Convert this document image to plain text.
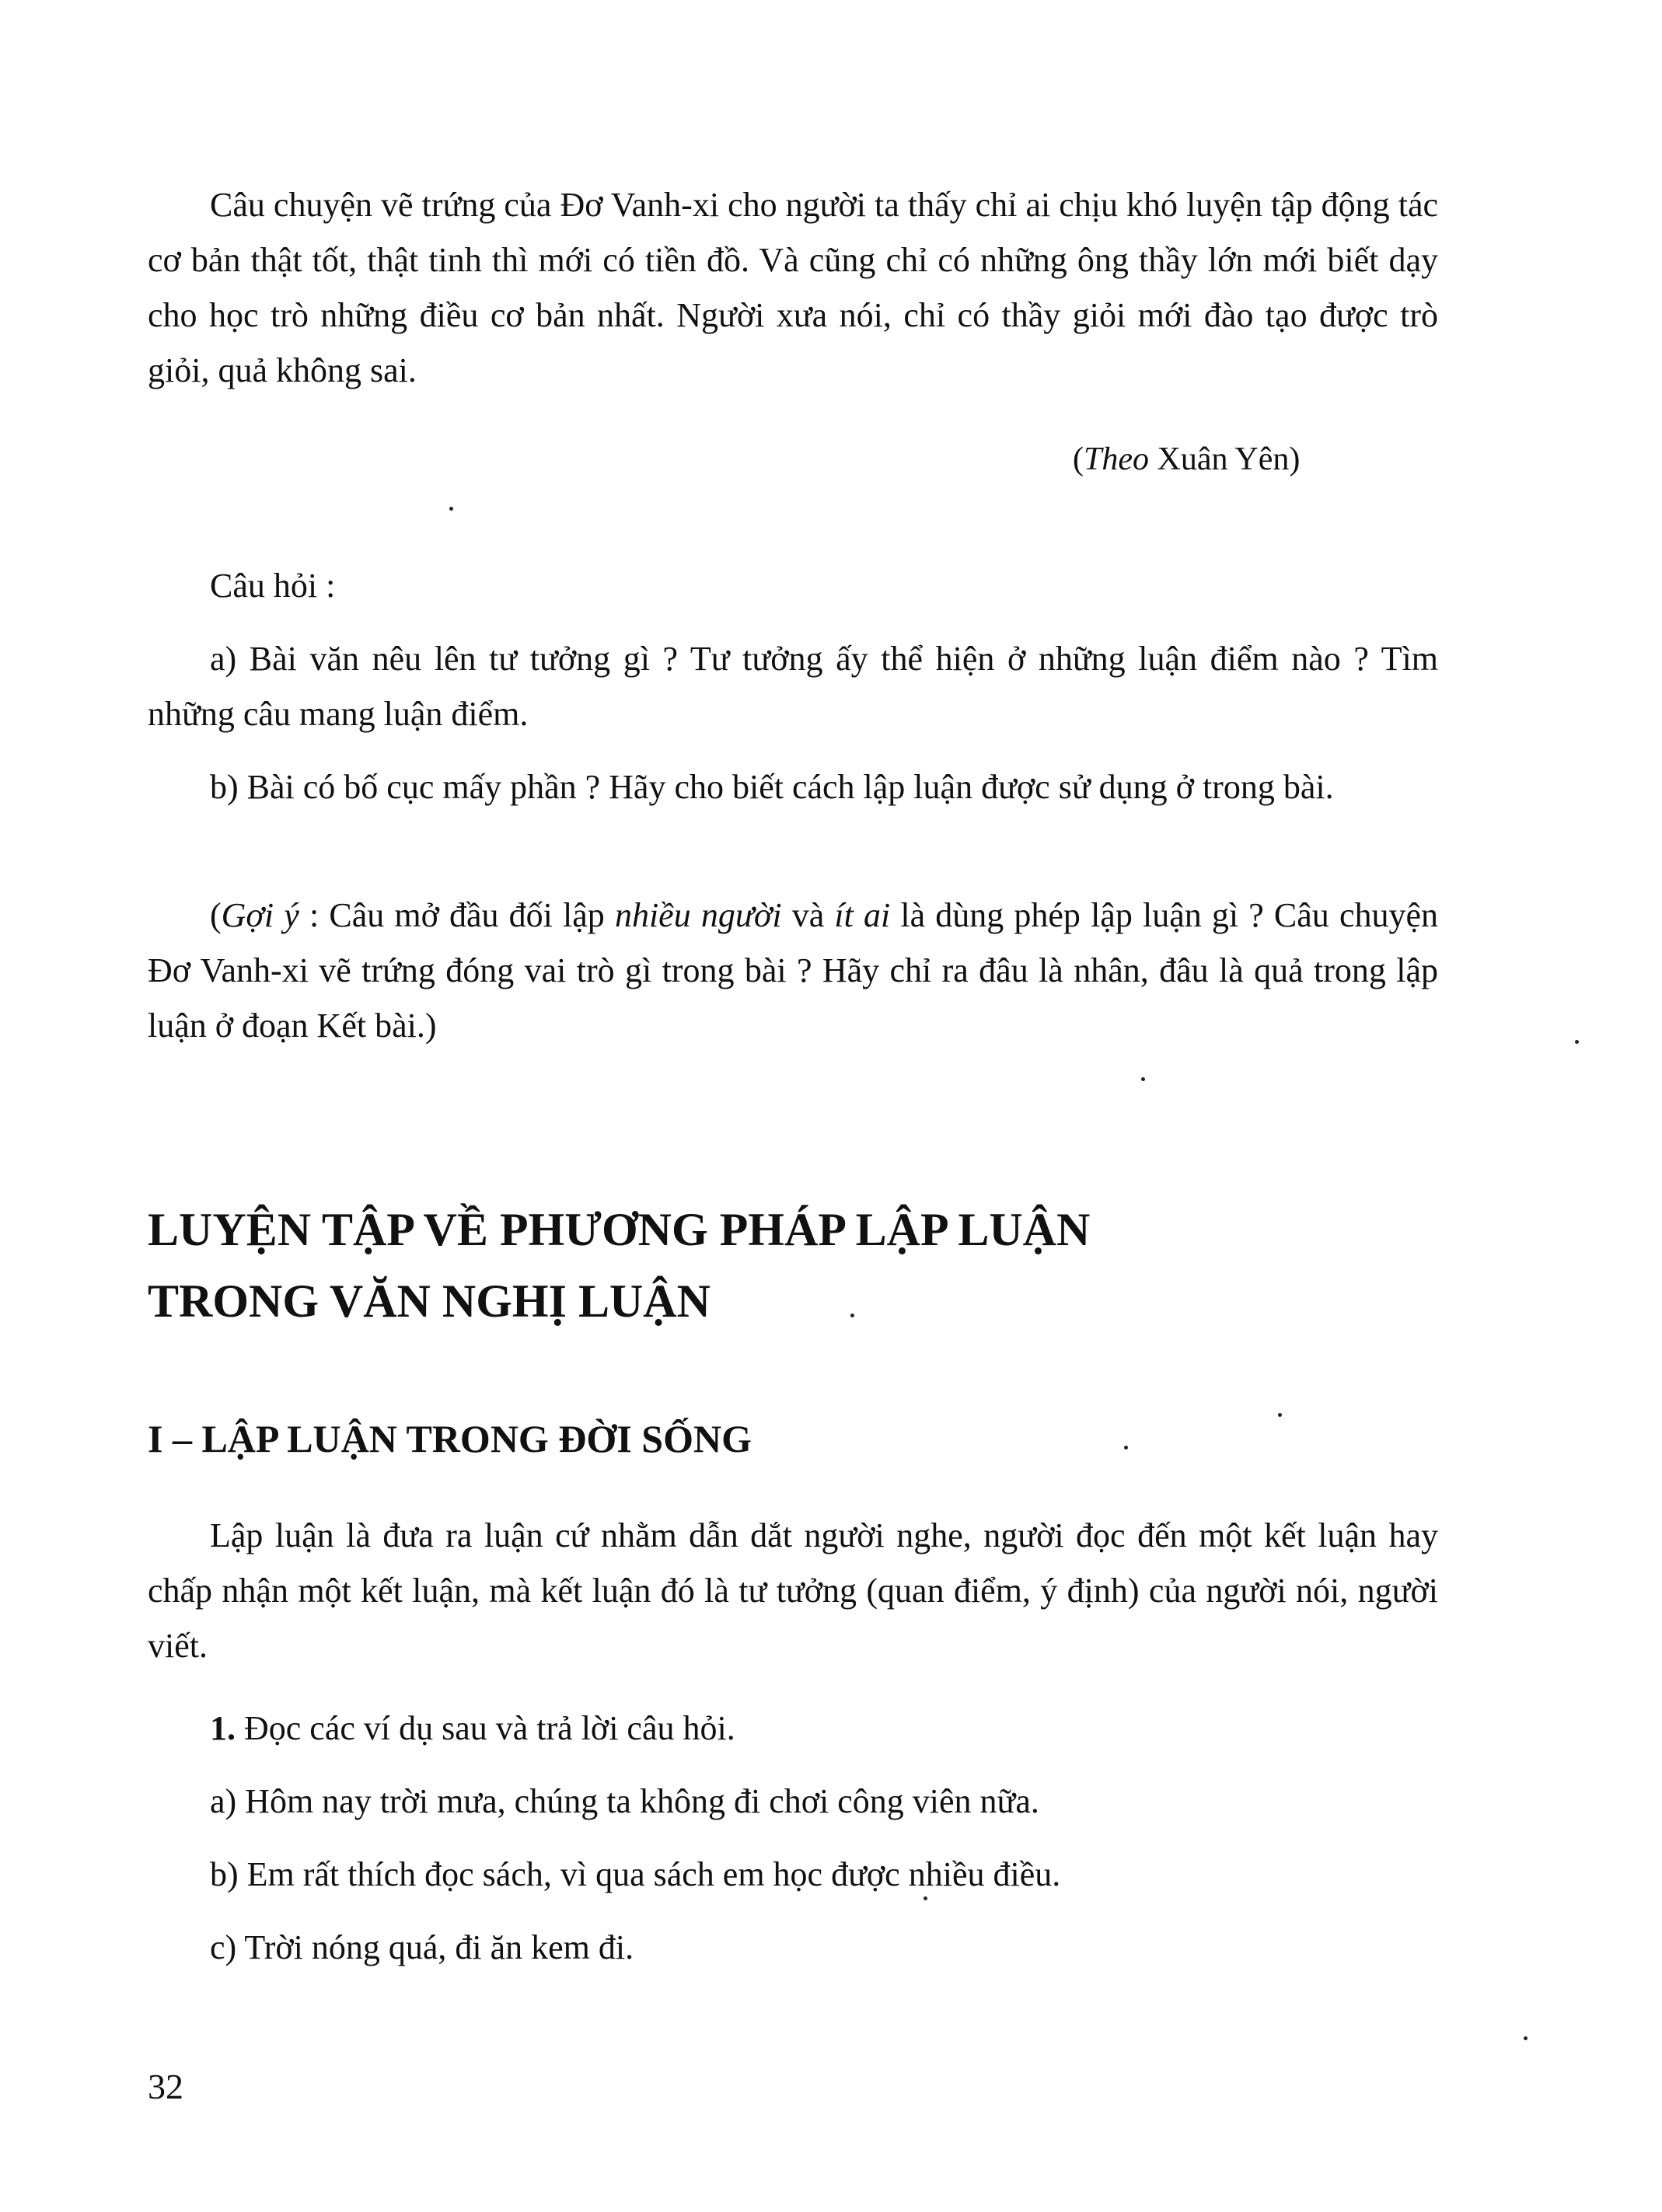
Câu chuyện vẽ trứng của Đơ Vanh-xi cho người ta thấy chỉ ai chịu khó luyện tập động tác cơ bản thật tốt, thật tinh thì mới có tiền đồ. Và cũng chỉ có những ông thầy lớn mới biết dạy cho học trò những điều cơ bản nhất. Người xưa nói, chỉ có thầy giỏi mới đào tạo được trò giỏi, quả không sai.

(Theo Xuân Yên)

Câu hỏi :

a) Bài văn nêu lên tư tưởng gì ? Tư tưởng ấy thể hiện ở những luận điểm nào ? Tìm những câu mang luận điểm.

b) Bài có bố cục mấy phần ? Hãy cho biết cách lập luận được sử dụng ở trong bài.

(Gợi ý : Câu mở đầu đối lập nhiều người và ít ai là dùng phép lập luận gì ? Câu chuyện Đơ Vanh-xi vẽ trứng đóng vai trò gì trong bài ? Hãy chỉ ra đâu là nhân, đâu là quả trong lập luận ở đoạn Kết bài.)

LUYỆN TẬP VỀ PHƯƠNG PHÁP LẬP LUẬN
TRONG VĂN NGHỊ LUẬN
I – LẬP LUẬN TRONG ĐỜI SỐNG

Lập luận là đưa ra luận cứ nhằm dẫn dắt người nghe, người đọc đến một kết luận hay chấp nhận một kết luận, mà kết luận đó là tư tưởng (quan điểm, ý định) của người nói, người viết.

1. Đọc các ví dụ sau và trả lời câu hỏi.

a) Hôm nay trời mưa, chúng ta không đi chơi công viên nữa.

b) Em rất thích đọc sách, vì qua sách em học được nhiều điều.

c) Trời nóng quá, đi ăn kem đi.

32
